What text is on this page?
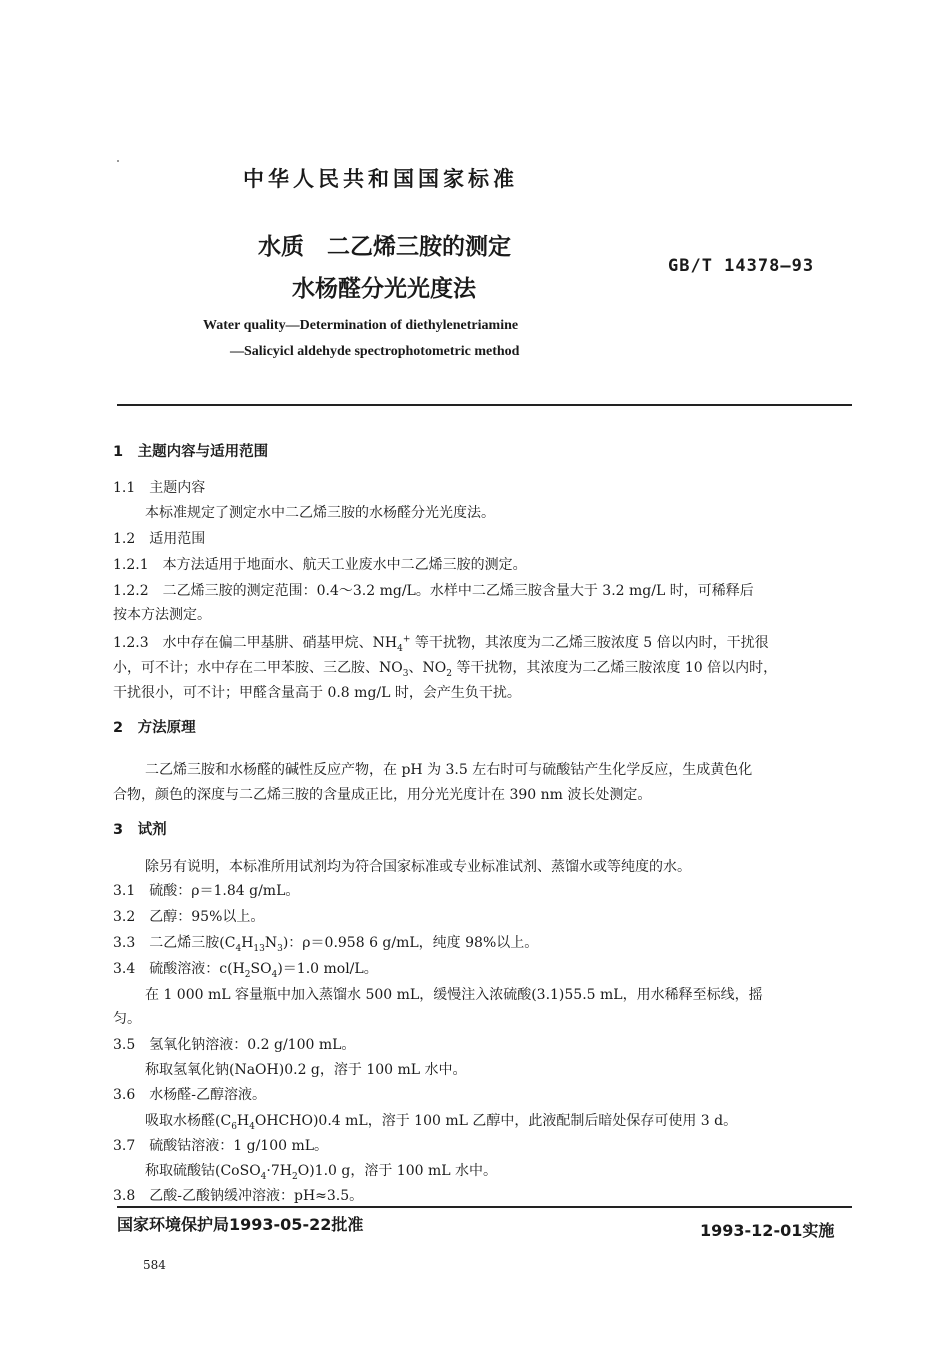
中华人民共和国国家标准
水质　二乙烯三胺的测定
水杨醛分光光度法
GB/T 14378—93
Water quality—Determination of diethylenetriamine
—Salicyicl aldehyde spectrophotometric method
1　主题内容与适用范围
1.1　主题内容
本标准规定了测定水中二乙烯三胺的水杨醛分光光度法。
1.2　适用范围
1.2.1　本方法适用于地面水、航天工业废水中二乙烯三胺的测定。
1.2.2　二乙烯三胺的测定范围：0.4～3.2 mg/L。水样中二乙烯三胺含量大于 3.2 mg/L 时，可稀释后
按本方法测定。
1.2.3　水中存在偏二甲基肼、硝基甲烷、$NH_4^+$ 等干扰物，其浓度为二乙烯三胺浓度 5 倍以内时，干扰很
小，可不计；水中存在二甲苯胺、三乙胺、$NO_3$、$NO_2$ 等干扰物，其浓度为二乙烯三胺浓度 10 倍以内时，
干扰很小，可不计；甲醛含量高于 0.8 mg/L 时，会产生负干扰。
2　方法原理
二乙烯三胺和水杨醛的碱性反应产物，在 pH 为 3.5 左右时可与硫酸钴产生化学反应，生成黄色化
合物，颜色的深度与二乙烯三胺的含量成正比，用分光光度计在 390 nm 波长处测定。
3　试剂
除另有说明，本标准所用试剂均为符合国家标准或专业标准试剂、蒸馏水或等纯度的水。
3.1　硫酸：ρ＝1.84 g/mL。
3.2　乙醇：95%以上。
3.3　二乙烯三胺$(C_4H_{13}N_3)$：ρ＝0.958 6 g/mL，纯度 98%以上。
3.4　硫酸溶液：$c(H_2SO_4)=1.0$ mol/L。
在 1 000 mL 容量瓶中加入蒸馏水 500 mL，缓慢注入浓硫酸(3.1)55.5 mL，用水稀释至标线，摇
匀。
3.5　氢氧化钠溶液：0.2 g/100 mL。
称取氢氧化钠(NaOH)0.2 g，溶于 100 mL 水中。
3.6　水杨醛-乙醇溶液。
吸取水杨醛$(C_6H_4OHCHO)0.4$ mL，溶于 100 mL 乙醇中，此液配制后暗处保存可使用 3 d。
3.7　硫酸钴溶液：1 g/100 mL。
称取硫酸钴$(CoSO_4\cdot 7H_2O)1.0$ g，溶于 100 mL 水中。
3.8　乙酸-乙酸钠缓冲溶液：pH≈3.5。
国家环境保护局1993-05-22批准	1993-12-01实施
584
